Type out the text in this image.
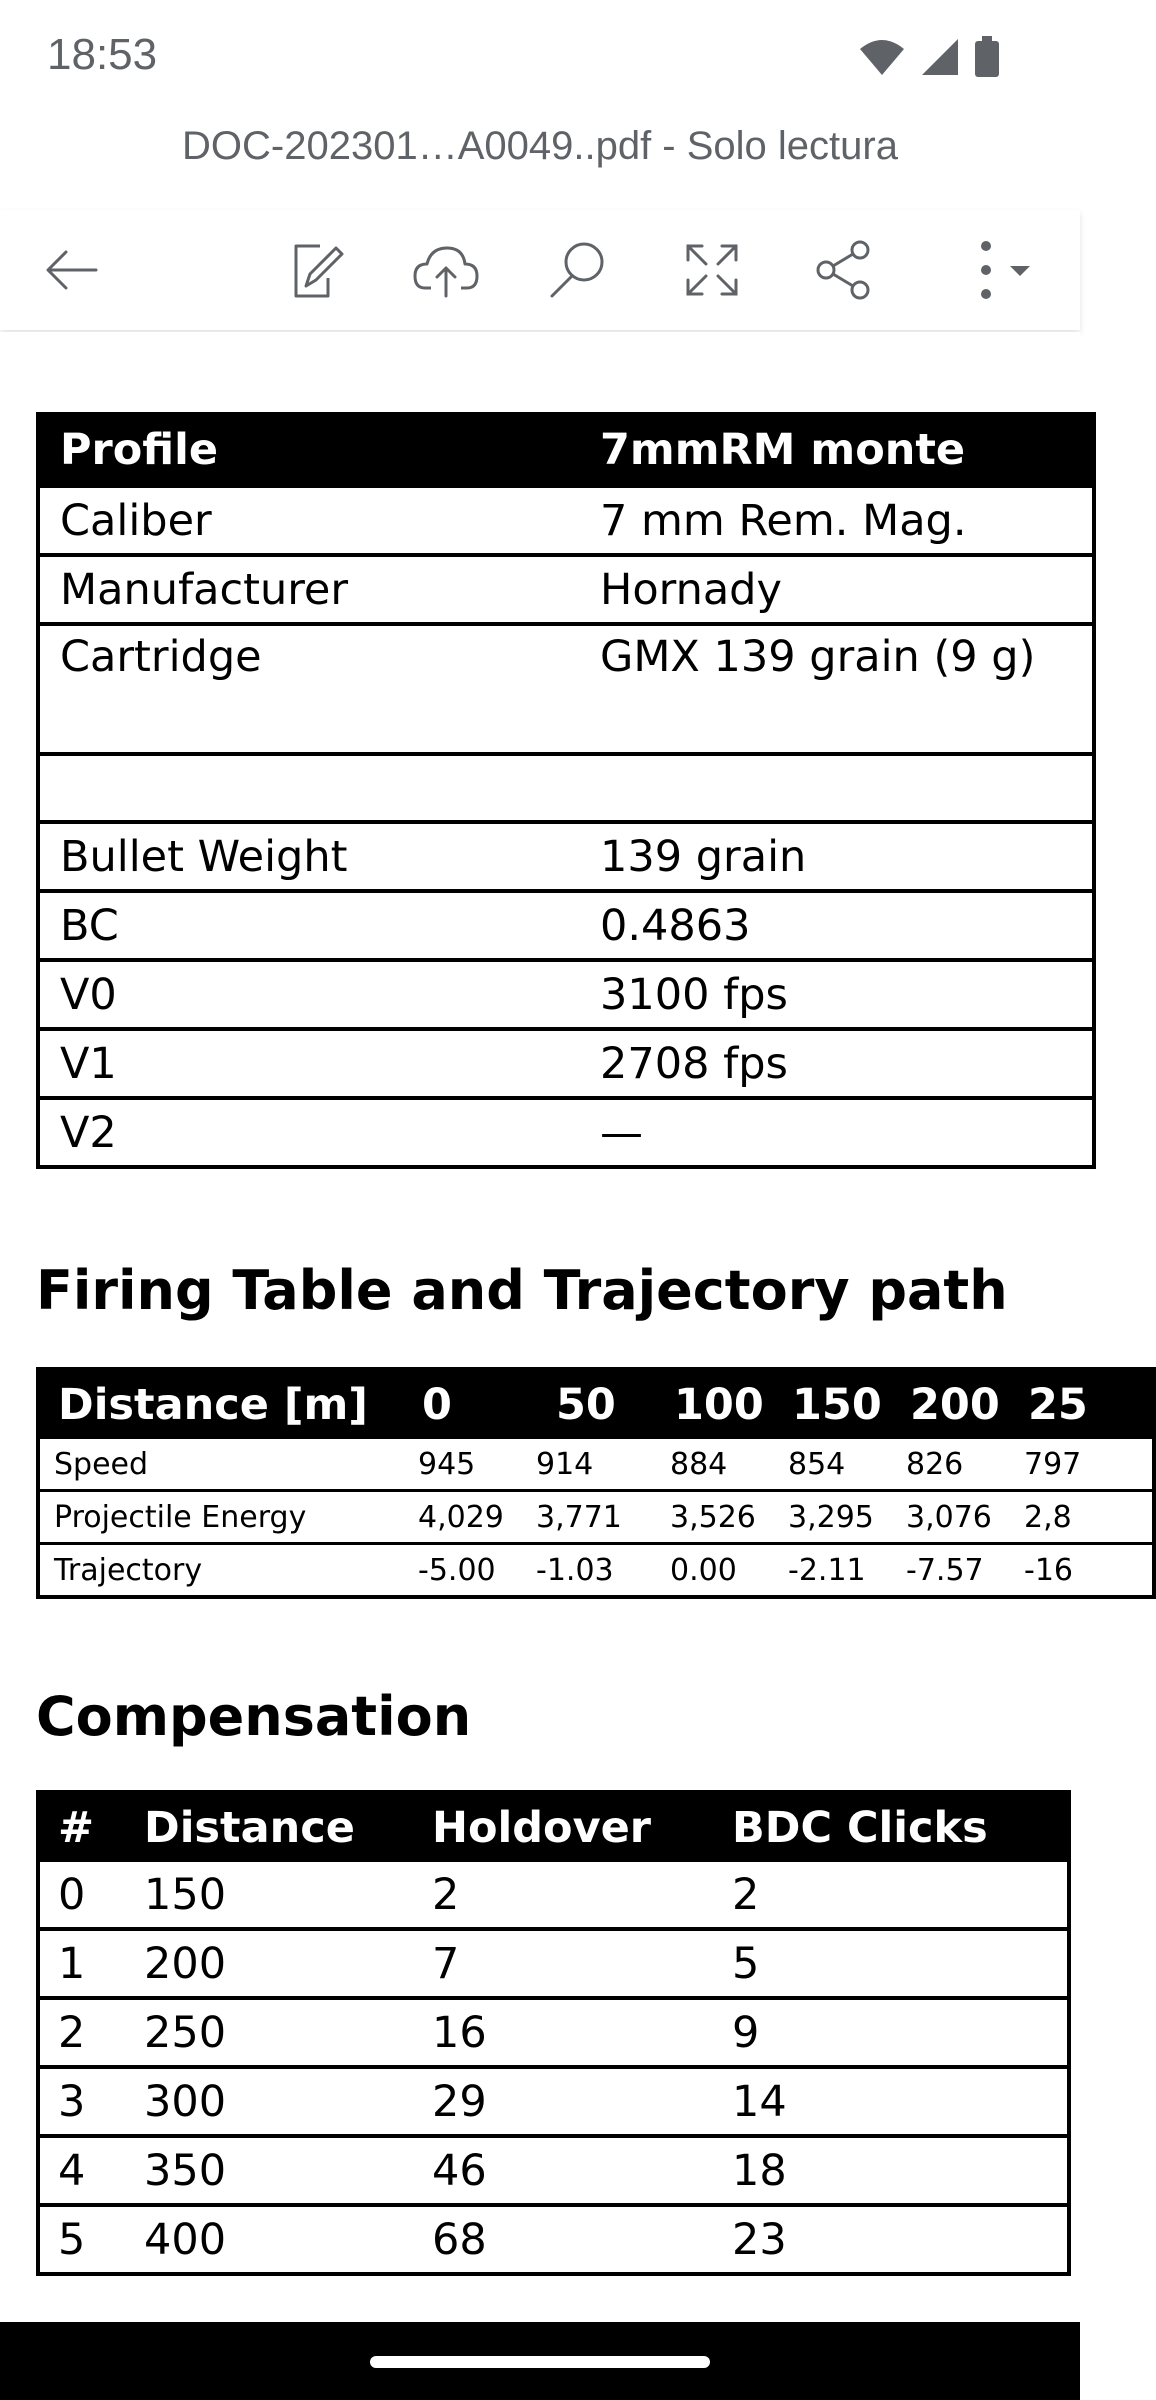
18:53
DOC-202301…A0049..pdf - Solo lectura
Profile	7mmRM monte
Caliber	7 mm Rem. Mag.
Manufacturer	Hornady
Cartridge	GMX 139 grain (9 g)

Bullet Weight	139 grain
BC	0.4863
V0	3100 fps
V1	2708 fps
V2	—
Firing Table and Trajectory path
Distance [m]	0	50	100	150	200	25
Speed	945	914	884	854	826	797
Projectile Energy	4,029	3,771	3,526	3,295	3,076	2,8
Trajectory	-5.00	-1.03	0.00	-2.11	-7.57	-16
Compensation
#	Distance	Holdover	BDC Clicks
0	150	2	2
1	200	7	5
2	250	16	9
3	300	29	14
4	350	46	18
5	400	68	23
